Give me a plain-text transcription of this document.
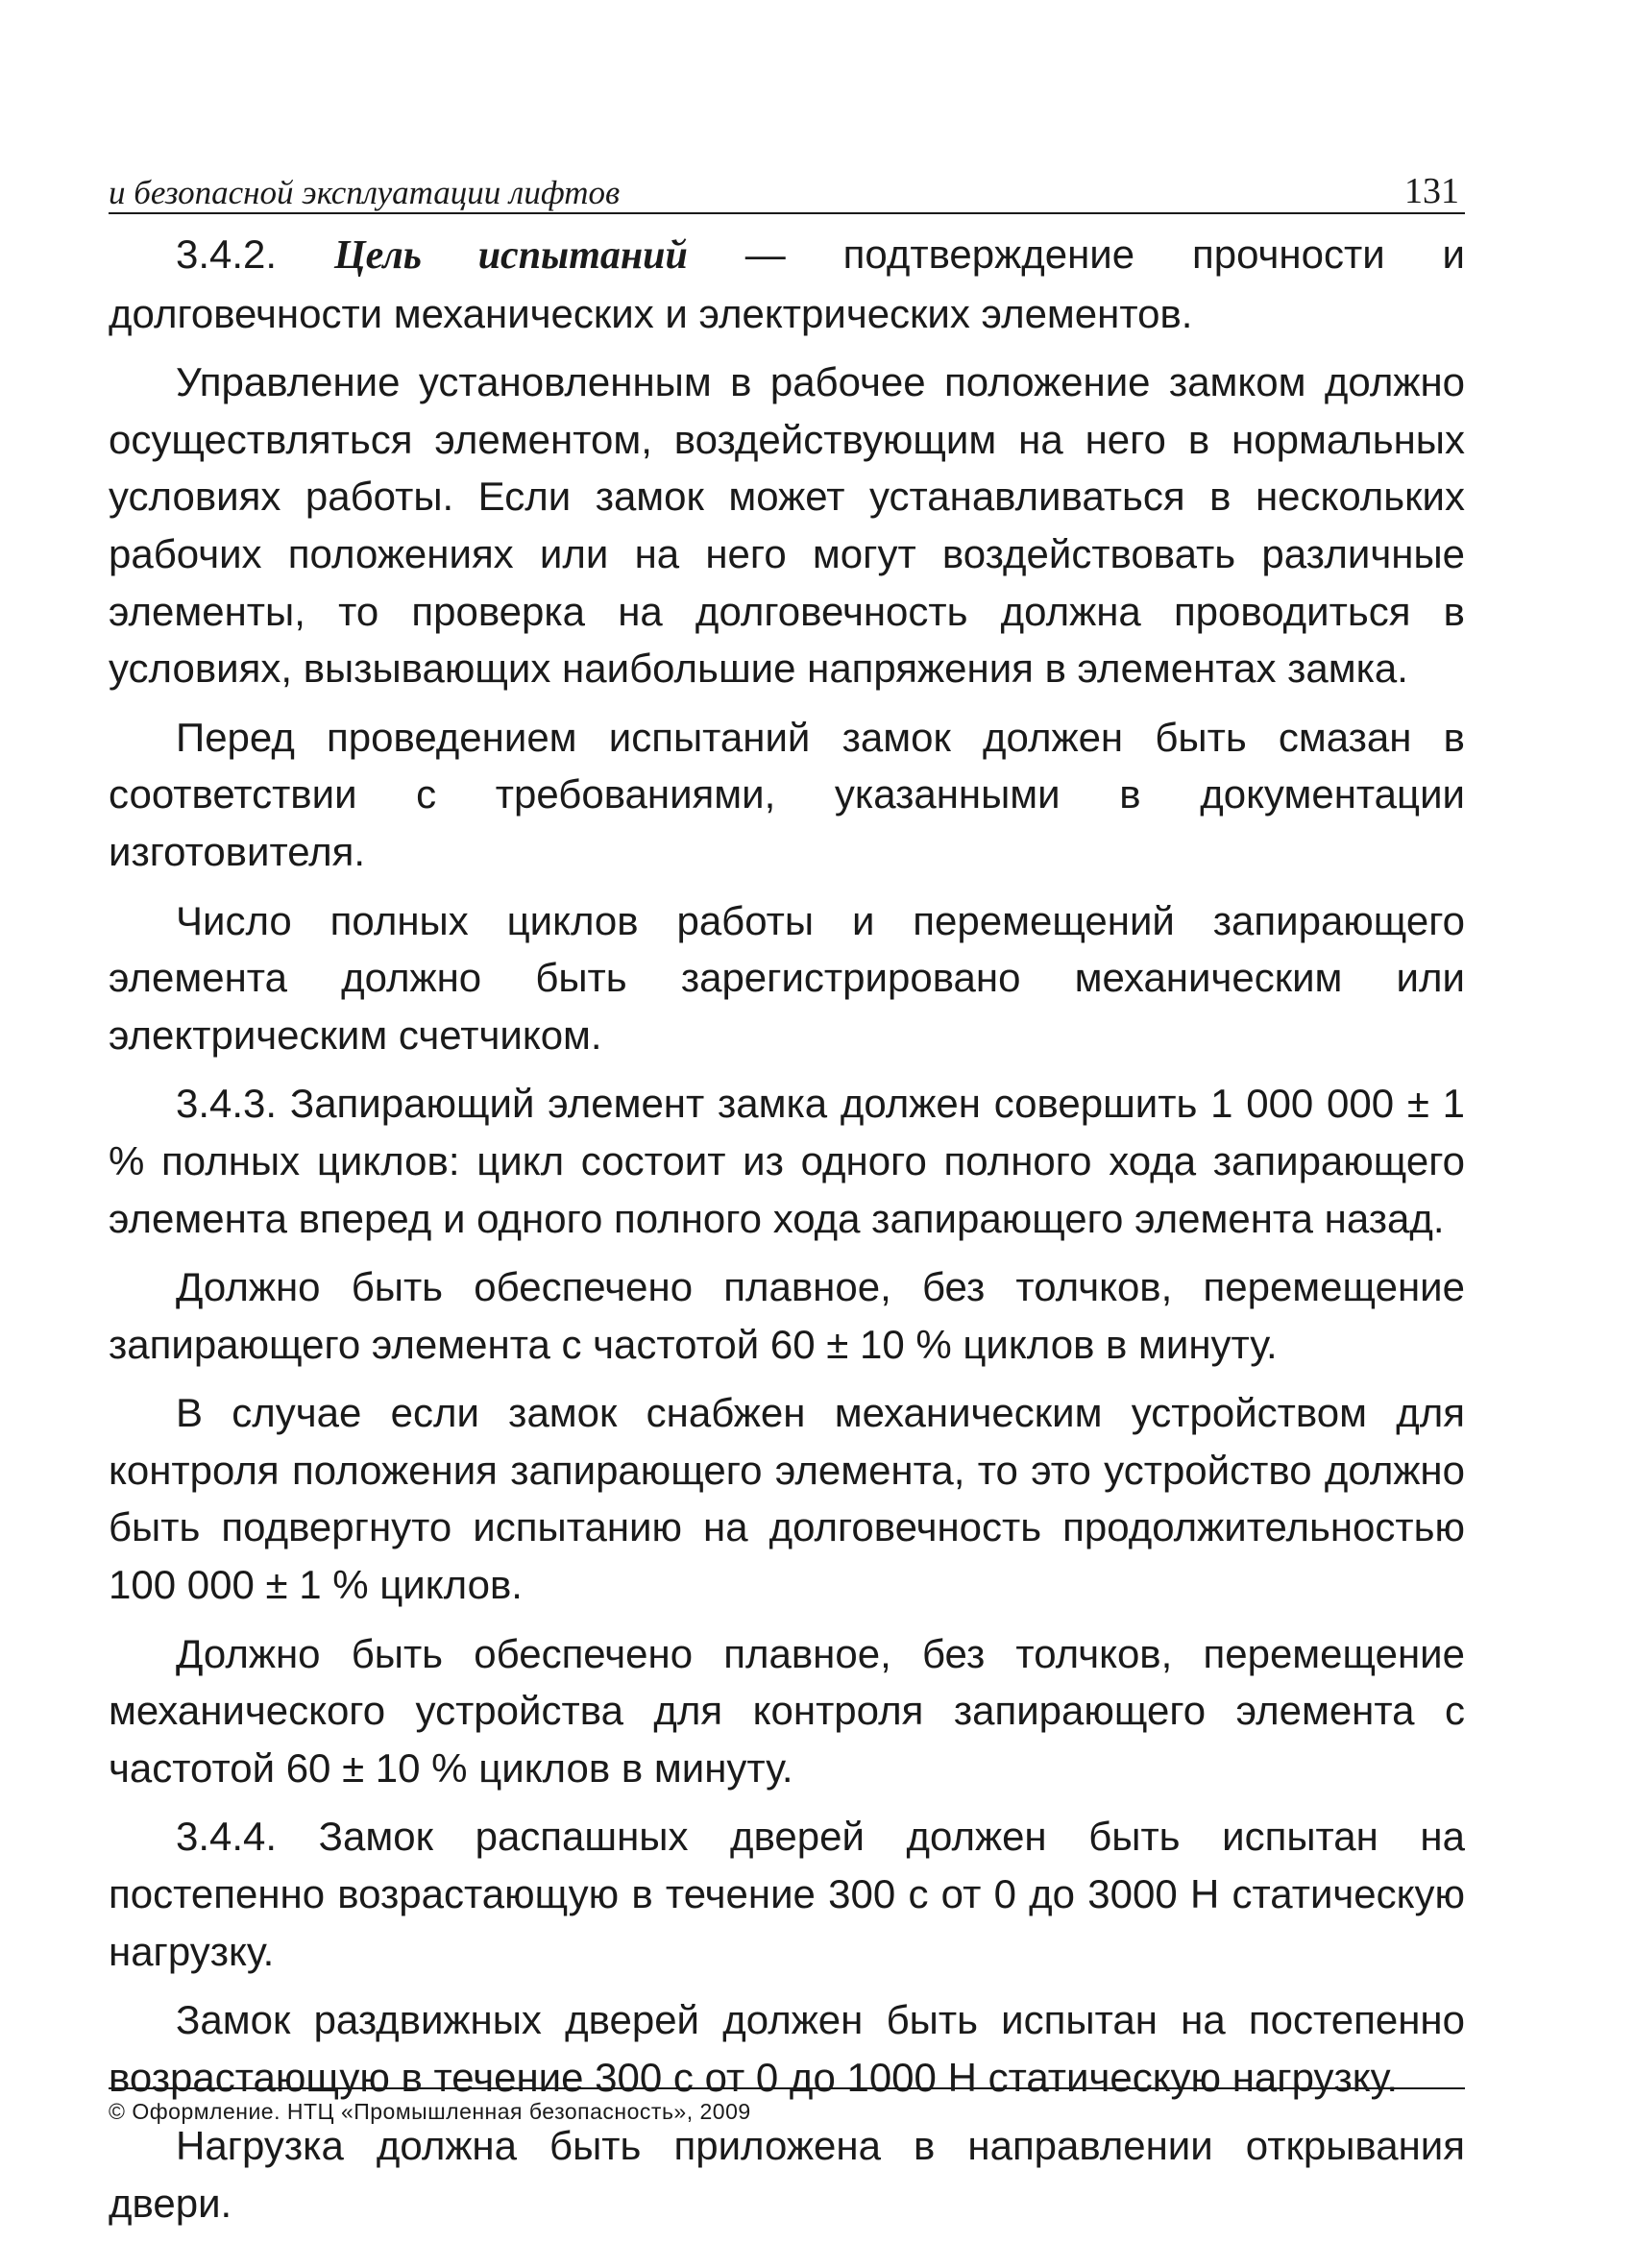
и безопасной эксплуатации лифтов	131

3.4.2. Цель испытаний — подтверждение прочности и долговечности механических и электрических элементов.

Управление установленным в рабочее положение замком должно осуществляться элементом, воздействующим на него в нормальных условиях работы. Если замок может устанавливаться в нескольких рабочих положениях или на него могут воздействовать различные элементы, то проверка на долговечность должна проводиться в условиях, вызывающих наибольшие напряжения в элементах замка.

Перед проведением испытаний замок должен быть смазан в соответствии с требованиями, указанными в документации изготовителя.

Число полных циклов работы и перемещений запирающего элемента должно быть зарегистрировано механическим или электрическим счетчиком.

3.4.3. Запирающий элемент замка должен совершить 1 000 000 ± 1 % полных циклов: цикл состоит из одного полного хода запирающего элемента вперед и одного полного хода запирающего элемента назад.

Должно быть обеспечено плавное, без толчков, перемещение запирающего элемента с частотой 60 ± 10 % циклов в минуту.

В случае если замок снабжен механическим устройством для контроля положения запирающего элемента, то это устройство должно быть подвергнуто испытанию на долговечность продолжительностью 100 000 ± 1 % циклов.

Должно быть обеспечено плавное, без толчков, перемещение механического устройства для контроля запирающего элемента с частотой 60 ± 10 % циклов в минуту.

3.4.4. Замок распашных дверей должен быть испытан на постепенно возрастающую в течение 300 с от 0 до 3000 Н статическую нагрузку.

Замок раздвижных дверей должен быть испытан на постепенно возрастающую в течение 300 с от 0 до 1000 Н статическую нагрузку.

Нагрузка должна быть приложена в направлении открывания двери.

© Оформление. НТЦ «Промышленная безопасность», 2009
